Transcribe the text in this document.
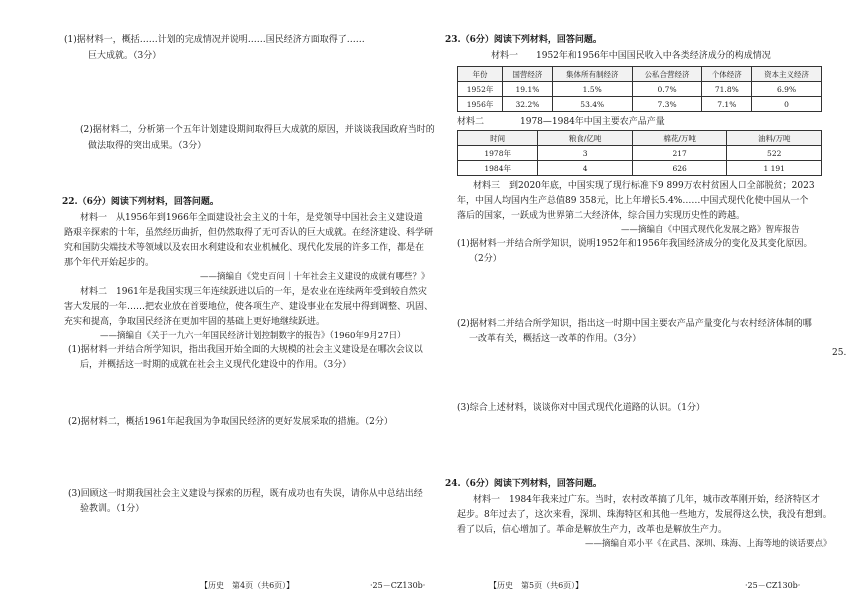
(1)据材料一，概括……计划的完成情况并说明……国民经济方面取得了……
巨大成就。（3分）
(2)据材料二，分析第一个五年计划建设期间取得巨大成就的原因，并谈谈我国政府当时的
做法取得的突出成果。（3分）
22.（6分）阅读下列材料，回答问题。
材料一　从1956年到1966年全面建设社会主义的十年，是党领导中国社会主义建设道
路艰辛探索的十年，虽然经历曲折，但仍然取得了无可否认的巨大成就。在经济建设、科学研
究和国防尖端技术等领域以及农田水利建设和农业机械化、现代化发展的许多工作，都是在
那个年代开始起步的。
——摘编自《党史百问｜十年社会主义建设的成就有哪些？》
材料二　1961年是我国实现三年连续跃进以后的一年，是农业在连续两年受到较自然灾
害大发展的一年……把农业放在首要地位，使各项生产、建设事业在发展中得到调整、巩固、
充实和提高，争取国民经济在更加牢固的基础上更好地继续跃进。
——摘编自《关于一九六一年国民经济计划控制数字的报告》（1960年9月27日）
(1)据材料一并结合所学知识，指出我国开始全面的大规模的社会主义建设是在哪次会议以
后，并概括这一时期的成就在社会主义现代化建设中的作用。（3分）
(2)据材料二，概括1961年起我国为争取国民经济的更好发展采取的措施。（2分）
(3)回顾这一时期我国社会主义建设与探索的历程，既有成功也有失误，请你从中总结出经
验教训。（1分）
【历史　第4页（共6页）】	·25－CZ130b·
23.（6分）阅读下列材料，回答问题。
材料一　　1952年和1956年中国国民收入中各类经济成分的构成情况
年份	国营经济	集体所有制经济	公私合营经济	个体经济	资本主义经济
1952年	19.1%	1.5%	0.7%	71.8%	6.9%
1956年	32.2%	53.4%	7.3%	7.1%	0
材料二　　　　1978—1984年中国主要农产品产量
时间	粮食/亿吨	棉花/万吨	油料/万吨
1978年	3	217	522
1984年	4	626	1 191
材料三　到2020年底，中国实现了现行标准下9 899万农村贫困人口全部脱贫；2023
年，中国人均国内生产总值89 358元，比上年增长5.4%……中国式现代化使中国从一个
落后的国家，一跃成为世界第二大经济体，综合国力实现历史性的跨越。
——摘编自《中国式现代化发展之路》智库报告
(1)据材料一并结合所学知识，说明1952年和1956年我国经济成分的变化及其变化原因。
（2分）
(2)据材料二并结合所学知识，指出这一时期中国主要农产品产量变化与农村经济体制的哪
一改革有关，概括这一改革的作用。（3分）
(3)综合上述材料，谈谈你对中国式现代化道路的认识。（1分）
24.（6分）阅读下列材料，回答问题。
材料一　1984年我来过广东。当时，农村改革搞了几年，城市改革刚开始，经济特区才
起步。8年过去了，这次来看，深圳、珠海特区和其他一些地方，发展得这么快，我没有想到。
看了以后，信心增加了。革命是解放生产力，改革也是解放生产力。
——摘编自邓小平《在武昌、深圳、珠海、上海等地的谈话要点》
【历史　第5页（共6页）】	·25－CZ130b·
25.
